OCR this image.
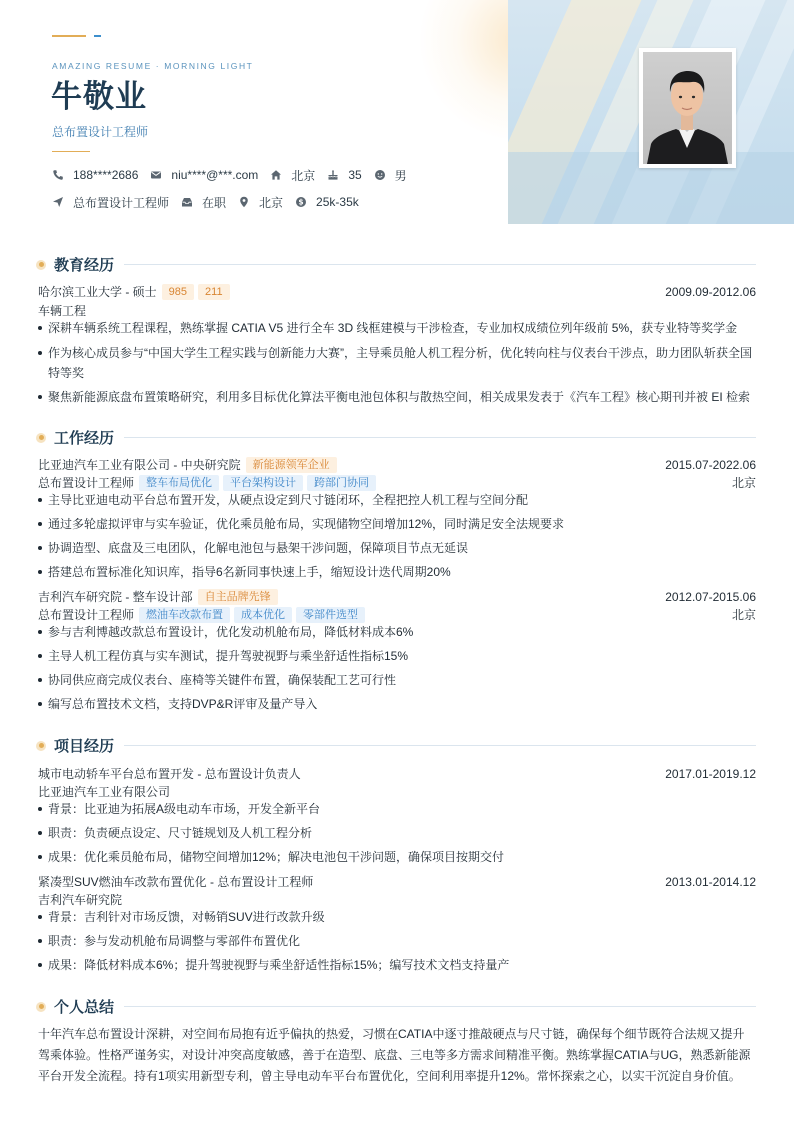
AMAZING RESUME · MORNING LIGHT
牛敬业
总布置设计工程师
188****2686	niu****@***.com	北京	35	男
总布置设计工程师	在职	北京 $ 25k-35k
教育经历
哈尔滨工业大学 - 硕士	985	211	2009.09-2012.06
车辆工程
深耕车辆系统工程课程，熟练掌握 CATIA V5 进行全车 3D 线框建模与干涉检查，专业加权成绩位列年级前 5%，获专业特等奖学金
作为核心成员参与“中国大学生工程实践与创新能力大赛”，主导乘员舱人机工程分析，优化转向柱与仪表台干涉点，助力团队斩获全国特等奖
聚焦新能源底盘布置策略研究，利用多目标优化算法平衡电池包体积与散热空间，相关成果发表于《汽车工程》核心期刊并被 EI 检索
工作经历
比亚迪汽车工业有限公司 - 中央研究院	新能源领军企业	2015.07-2022.06
总布置设计工程师	整车布局优化	平台架构设计	跨部门协同	北京
主导比亚迪电动平台总布置开发，从硬点设定到尺寸链闭环，全程把控人机工程与空间分配
通过多轮虚拟评审与实车验证，优化乘员舱布局，实现储物空间增加12%，同时满足安全法规要求
协调造型、底盘及三电团队，化解电池包与悬架干涉问题，保障项目节点无延误
搭建总布置标准化知识库，指导6名新同事快速上手，缩短设计迭代周期20%
吉利汽车研究院 - 整车设计部	自主品牌先锋	2012.07-2015.06
总布置设计工程师	燃油车改款布置	成本优化	零部件选型	北京
参与吉利博越改款总布置设计，优化发动机舱布局，降低材料成本6%
主导人机工程仿真与实车测试，提升驾驶视野与乘坐舒适性指标15%
协同供应商完成仪表台、座椅等关键件布置，确保装配工艺可行性
编写总布置技术文档，支持DVP&R评审及量产导入
项目经历
城市电动轿车平台总布置开发 - 总布置设计负责人	2017.01-2019.12
比亚迪汽车工业有限公司
背景：比亚迪为拓展A级电动车市场，开发全新平台
职责：负责硬点设定、尺寸链规划及人机工程分析
成果：优化乘员舱布局，储物空间增加12%；解决电池包干涉问题，确保项目按期交付
紧凑型SUV燃油车改款布置优化 - 总布置设计工程师	2013.01-2014.12
吉利汽车研究院
背景：吉利针对市场反馈，对畅销SUV进行改款升级
职责：参与发动机舱布局调整与零部件布置优化
成果：降低材料成本6%；提升驾驶视野与乘坐舒适性指标15%；编写技术文档支持量产
个人总结
十年汽车总布置设计深耕，对空间布局抱有近乎偏执的热爱，习惯在CATIA中逐寸推敲硬点与尺寸链，确保每个细节既符合法规又提升驾乘体验。性格严谨务实，对设计冲突高度敏感，善于在造型、底盘、三电等多方需求间精准平衡。熟练掌握CATIA与UG，熟悉新能源平台开发全流程。持有1项实用新型专利，曾主导电动车平台布置优化，空间利用率提升12%。常怀探索之心，以实干沉淀自身价值。
